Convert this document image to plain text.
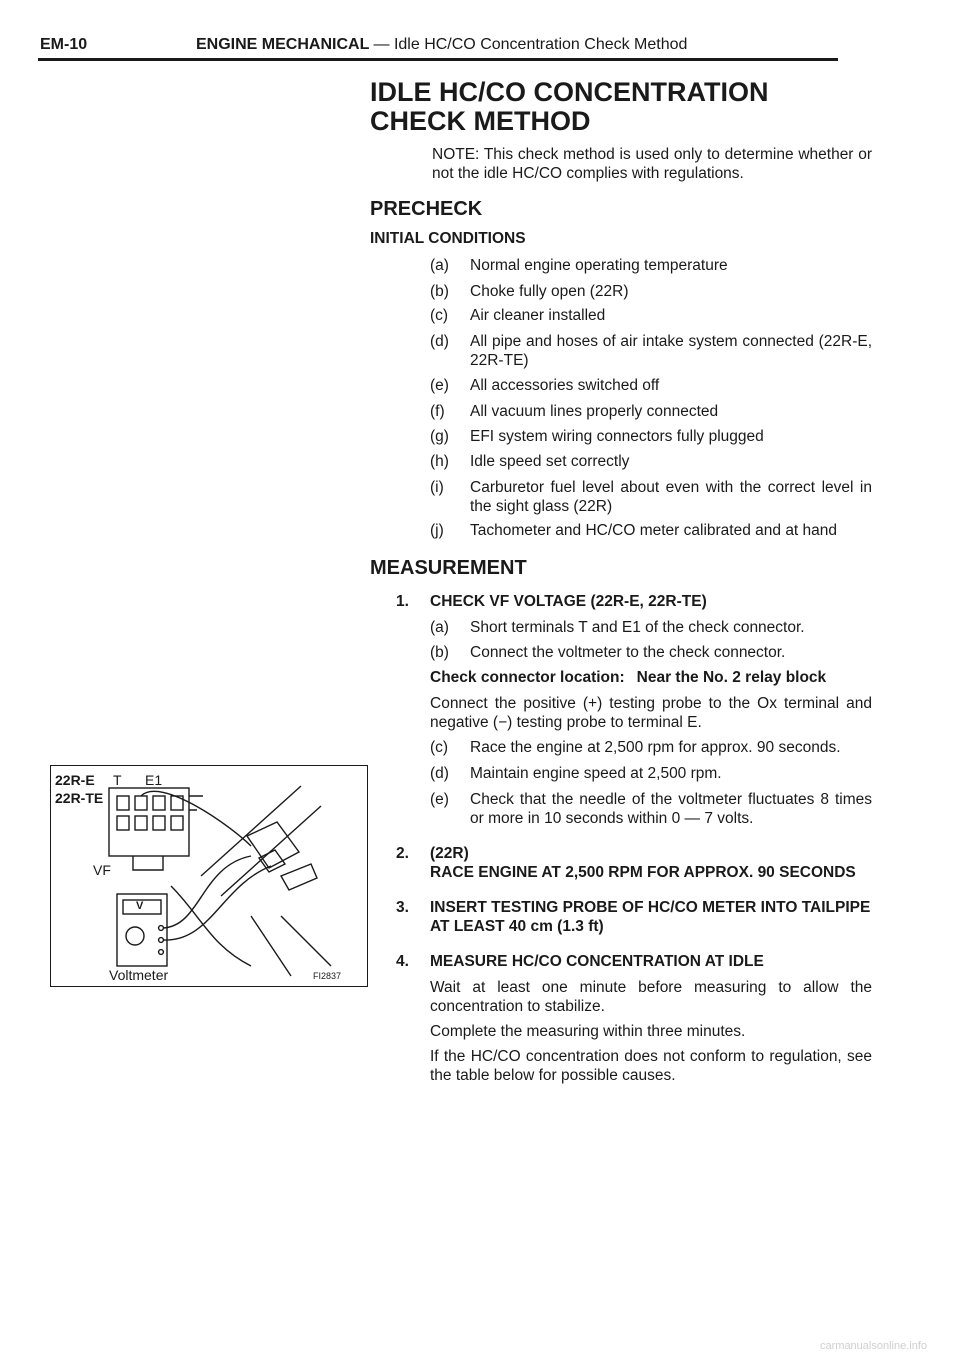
EM-10	ENGINE MECHANICAL — Idle HC/CO Concentration Check Method
IDLE HC/CO CONCENTRATION
CHECK METHOD
NOTE: This check method is used only to determine whether or not the idle HC/CO complies with regulations.
PRECHECK
INITIAL CONDITIONS
(a)	Normal engine operating temperature
(b)	Choke fully open (22R)
(c)	Air cleaner installed
(d)	All pipe and hoses of air intake system connected (22R-E, 22R-TE)
(e)	All accessories switched off
(f)	All vacuum lines properly connected
(g)	EFI system wiring connectors fully plugged
(h)	Idle speed set correctly
(i)	Carburetor fuel level about even with the correct level in the sight glass (22R)
(j)	Tachometer and HC/CO meter calibrated and at hand
MEASUREMENT
1.	CHECK VF VOLTAGE (22R-E, 22R-TE)
(a)	Short terminals T and E1 of the check connector.
(b)	Connect the voltmeter to the check connector.
Check connector location: Near the No. 2 relay block
Connect the positive (+) testing probe to the Ox terminal and negative (−) testing probe to terminal E.
(c)	Race the engine at 2,500 rpm for approx. 90 seconds.
(d)	Maintain engine speed at 2,500 rpm.
(e)	Check that the needle of the voltmeter fluctuates 8 times or more in 10 seconds within 0 — 7 volts.
2.	(22R)
RACE ENGINE AT 2,500 RPM FOR APPROX. 90 SECONDS
3.	INSERT TESTING PROBE OF HC/CO METER INTO TAILPIPE AT LEAST 40 cm (1.3 ft)
4.	MEASURE HC/CO CONCENTRATION AT IDLE
Wait at least one minute before measuring to allow the concentration to stabilize.
Complete the measuring within three minutes.
If the HC/CO concentration does not conform to regulation, see the table below for possible causes.
22R-E
22R-TE
T E1
VF
V
Voltmeter	FI2837
carmanualsonline.info
